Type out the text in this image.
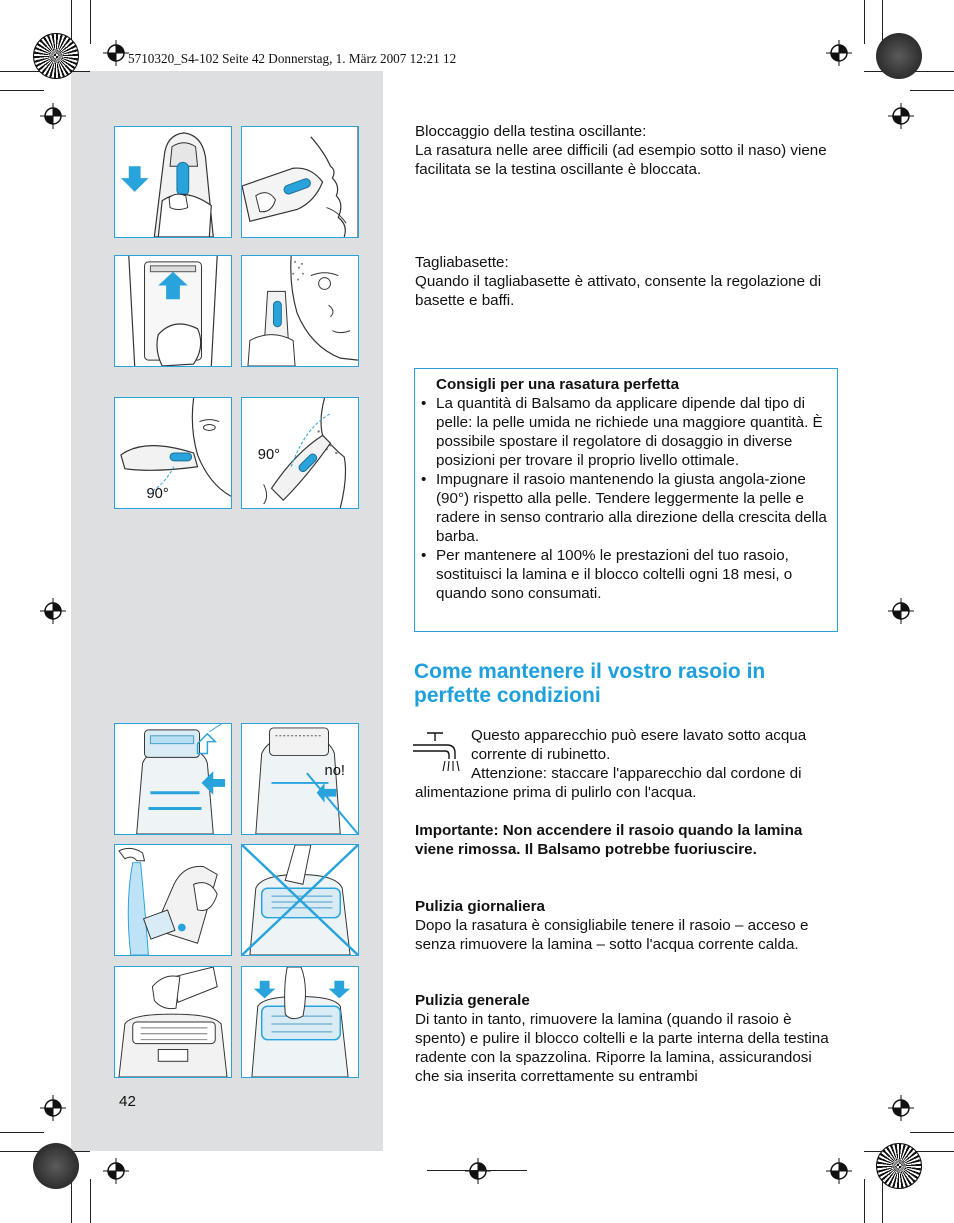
5710320_S4-102 Seite 42 Donnerstag, 1. März 2007 12:21 12
90°
90°
no!

Bloccaggio della testina oscillante:

La rasatura nelle aree difficili (ad esempio sotto il naso) viene facilitata se la testina oscillante è bloccata.

Tagliabasette:

Quando il tagliabasette è attivato, consente la regolazione di basette e baffi.

Consigli per una rasatura perfetta
• La quantità di Balsamo da applicare dipende dal tipo di pelle: la pelle umida ne richiede una maggiore quantità. È possibile spostare il regolatore di dosaggio in diverse posizioni per trovare il proprio livello ottimale.
• Impugnare il rasoio mantenendo la giusta angola-zione (90°) rispetto alla pelle. Tendere leggermente la pelle e radere in senso contrario alla direzione della crescita della barba.
• Per mantenere al 100% le prestazioni del tuo rasoio, sostituisci la lamina e il blocco coltelli ogni 18 mesi, o quando sono consumati.
Come mantenere il vostro rasoio in perfette condizioni

Questo apparecchio può esere lavato sotto acqua corrente di rubinetto.

Attenzione: staccare l'apparecchio dal cordone di alimentazione prima di pulirlo con l'acqua.

Importante: Non accendere il rasoio quando la lamina viene rimossa. Il Balsamo potrebbe fuoriuscire.

Pulizia giornaliera

Dopo la rasatura è consigliabile tenere il rasoio – acceso e senza rimuovere la lamina – sotto l'acqua corrente calda.

Pulizia generale

Di tanto in tanto, rimuovere la lamina (quando il rasoio è spento) e pulire il blocco coltelli e la parte interna della testina radente con la spazzolina. Riporre la lamina, assicurandosi che sia inserita correttamente su entrambi

42
